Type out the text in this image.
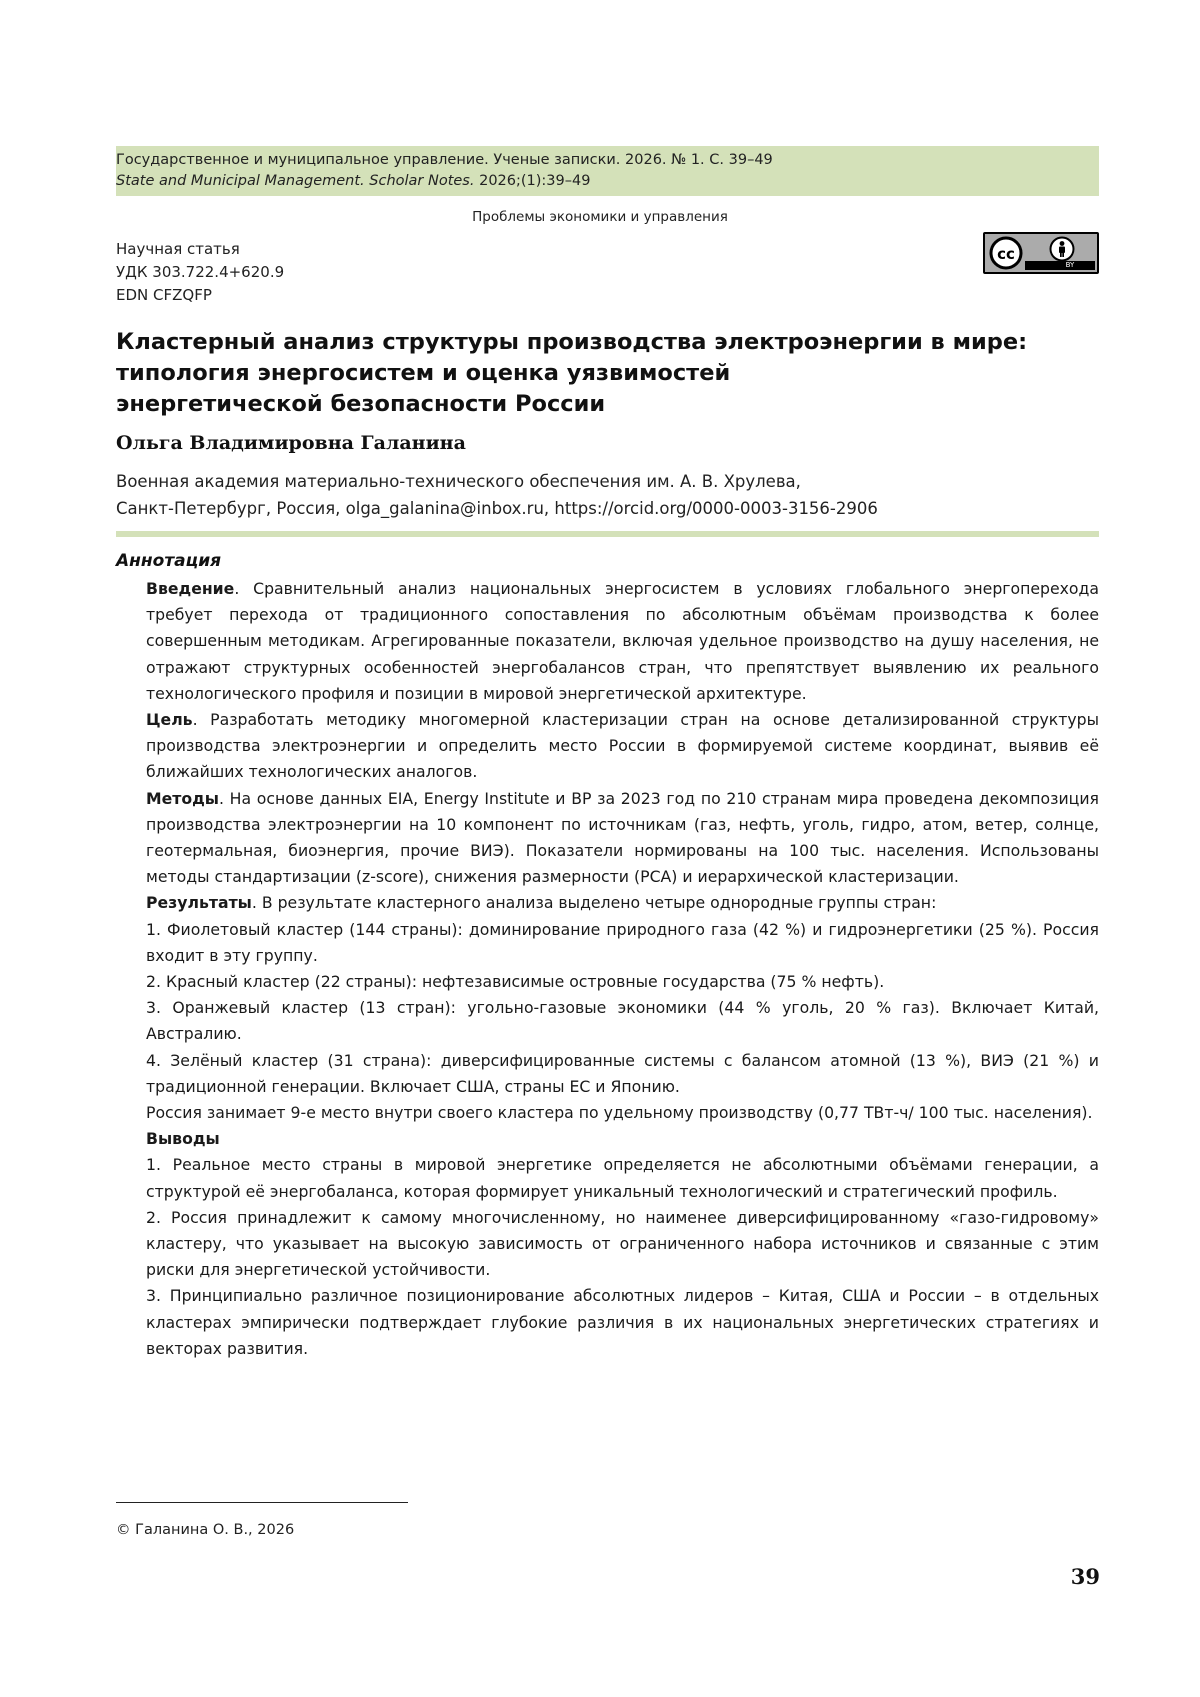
Государственное и муниципальное управление. Ученые записки. 2026. № 1. С. 39–49
State and Municipal Management. Scholar Notes. 2026;(1):39–49
Проблемы экономики и управления
Научная статья
УДК 303.722.4+620.9
EDN CFZQFP
cc
BY
Кластерный анализ структуры производства электроэнергии в мире:
типология энергосистем и оценка уязвимостей
энергетической безопасности России
Ольга Владимировна Галанина
Военная академия материально-технического обеспечения им. А. В. Хрулева,
Санкт-Петербург, Россия, olga_galanina@inbox.ru, https://orcid.org/0000-0003-3156-2906
Аннотация

Введение. Сравнительный анализ национальных энергосистем в условиях глобального энергоперехода требует перехода от традиционного сопоставления по абсолютным объёмам производства к более совершенным методикам. Агрегированные показатели, включая удельное производство на душу населения, не отражают структурных особенностей энергобалансов стран, что препятствует выявлению их реального технологического профиля и позиции в мировой энергетической архитектуре.

Цель. Разработать методику многомерной кластеризации стран на основе детализированной структуры производства электроэнергии и определить место России в формируемой системе координат, выявив её ближайших технологических аналогов.

Методы. На основе данных EIA, Energy Institute и BP за 2023 год по 210 странам мира проведена декомпозиция производства электроэнергии на 10 компонент по источникам (газ, нефть, уголь, гидро, атом, ветер, солнце, геотермальная, биоэнергия, прочие ВИЭ). Показатели нормированы на 100 тыс. населения. Использованы методы стандартизации (z-score), снижения размерности (PCA) и иерархической кластеризации.

Результаты. В результате кластерного анализа выделено четыре однородные группы стран:

1. Фиолетовый кластер (144 страны): доминирование природного газа (42 %) и гидроэнергетики (25 %). Россия входит в эту группу.

2. Красный кластер (22 страны): нефтезависимые островные государства (75 % нефть).

3. Оранжевый кластер (13 стран): угольно-газовые экономики (44 % уголь, 20 % газ). Включает Китай, Австралию.

4. Зелёный кластер (31 страна): диверсифицированные системы с балансом атомной (13 %), ВИЭ (21 %) и традиционной генерации. Включает США, страны ЕС и Японию.

Россия занимает 9-е место внутри своего кластера по удельному производству (0,77 ТВт-ч/ 100 тыс. населения).

Выводы

1. Реальное место страны в мировой энергетике определяется не абсолютными объёмами генерации, а структурой её энергобаланса, которая формирует уникальный технологический и стратегический профиль.

2. Россия принадлежит к самому многочисленному, но наименее диверсифицированному «газо-гидровому» кластеру, что указывает на высокую зависимость от ограниченного набора источников и связанные с этим риски для энергетической устойчивости.

3. Принципиально различное позиционирование абсолютных лидеров – Китая, США и России – в отдельных кластерах эмпирически подтверждает глубокие различия в их национальных энергетических стратегиях и векторах развития.

© Галанина О. В., 2026
39
